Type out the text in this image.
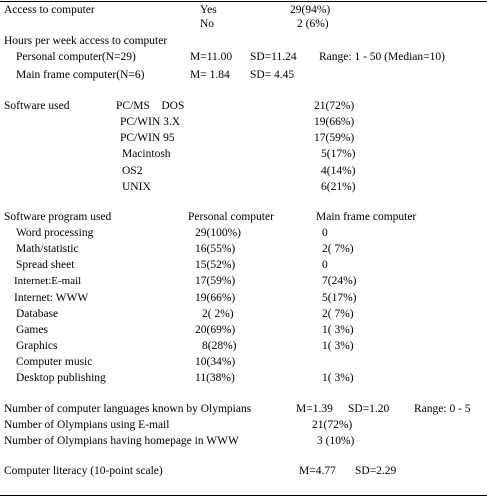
Access to computer	Yes	29(94%)
No	2 (6%)
Hours per week access to computer
Personal computer(N=29)	M=11.00 SD=11.24 Range: 1 - 50 (Median=10)
Main frame computer(N=6)	M= 1.84 SD= 4.45
Software used	PC/MS    DOS	21(72%)
PC/WIN 3.X	19(66%)
PC/WIN 95	17(59%)
Macintosh	5(17%)
OS2	4(14%)
UNIX	6(21%)
Software program used	Personal computer	Main frame computer
Word processing	29(100%)	0
Math/statistic	16(55%)	2( 7%)
Spread sheet	15(52%)	0
Internet:E-mail	17(59%)	7(24%)
Internet: WWW	19(66%)	5(17%)
Database	2( 2%)	2( 7%)
Games	20(69%)	1( 3%)
Graphics	8(28%)	1( 3%)
Computer music	10(34%)
Desktop publishing	11(38%)	1( 3%)
Number of computer languages known by Olympians	M=1.39 SD=1.20 Range: 0 - 5
Number of Olympians using E-mail	21(72%)
Number of Olympians having homepage in WWW	3 (10%)
Computer literacy (10-point scale)	M=4.77 SD=2.29
